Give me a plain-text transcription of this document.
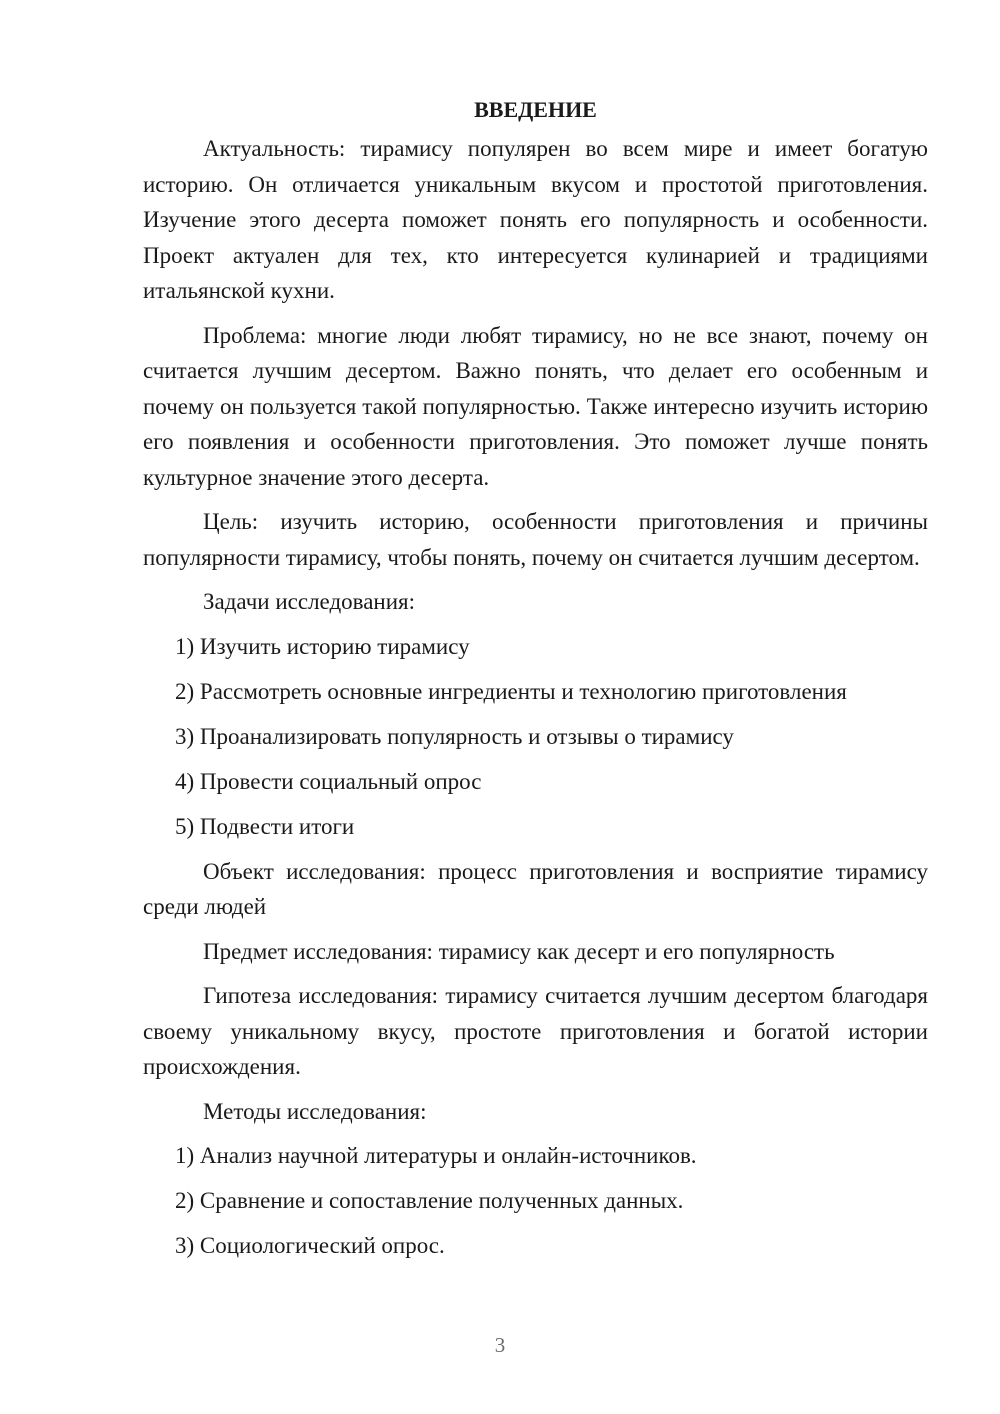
ВВЕДЕНИЕ

Актуальность: тирамису популярен во всем мире и имеет богатую историю. Он отличается уникальным вкусом и простотой приготовления. Изучение этого десерта поможет понять его популярность и особенности. Проект актуален для тех, кто интересуется кулинарией и традициями итальянской кухни.

Проблема: многие люди любят тирамису, но не все знают, почему он считается лучшим десертом. Важно понять, что делает его особенным и почему он пользуется такой популярностью. Также интересно изучить историю его появления и особенности приготовления. Это поможет лучше понять культурное значение этого десерта.

Цель: изучить историю, особенности приготовления и причины популярности тирамису, чтобы понять, почему он считается лучшим десертом.

Задачи исследования:

1) Изучить историю тирамису
2) Рассмотреть основные ингредиенты и технологию приготовления
3) Проанализировать популярность и отзывы о тирамису
4) Провести социальный опрос
5) Подвести итоги

Объект исследования: процесс приготовления и восприятие тирамису среди людей

Предмет исследования: тирамису как десерт и его популярность

Гипотеза исследования: тирамису считается лучшим десертом благодаря своему уникальному вкусу, простоте приготовления и богатой истории происхождения.

Методы исследования:

1) Анализ научной литературы и онлайн-источников.
2) Сравнение и сопоставление полученных данных.
3) Социологический опрос.
3
